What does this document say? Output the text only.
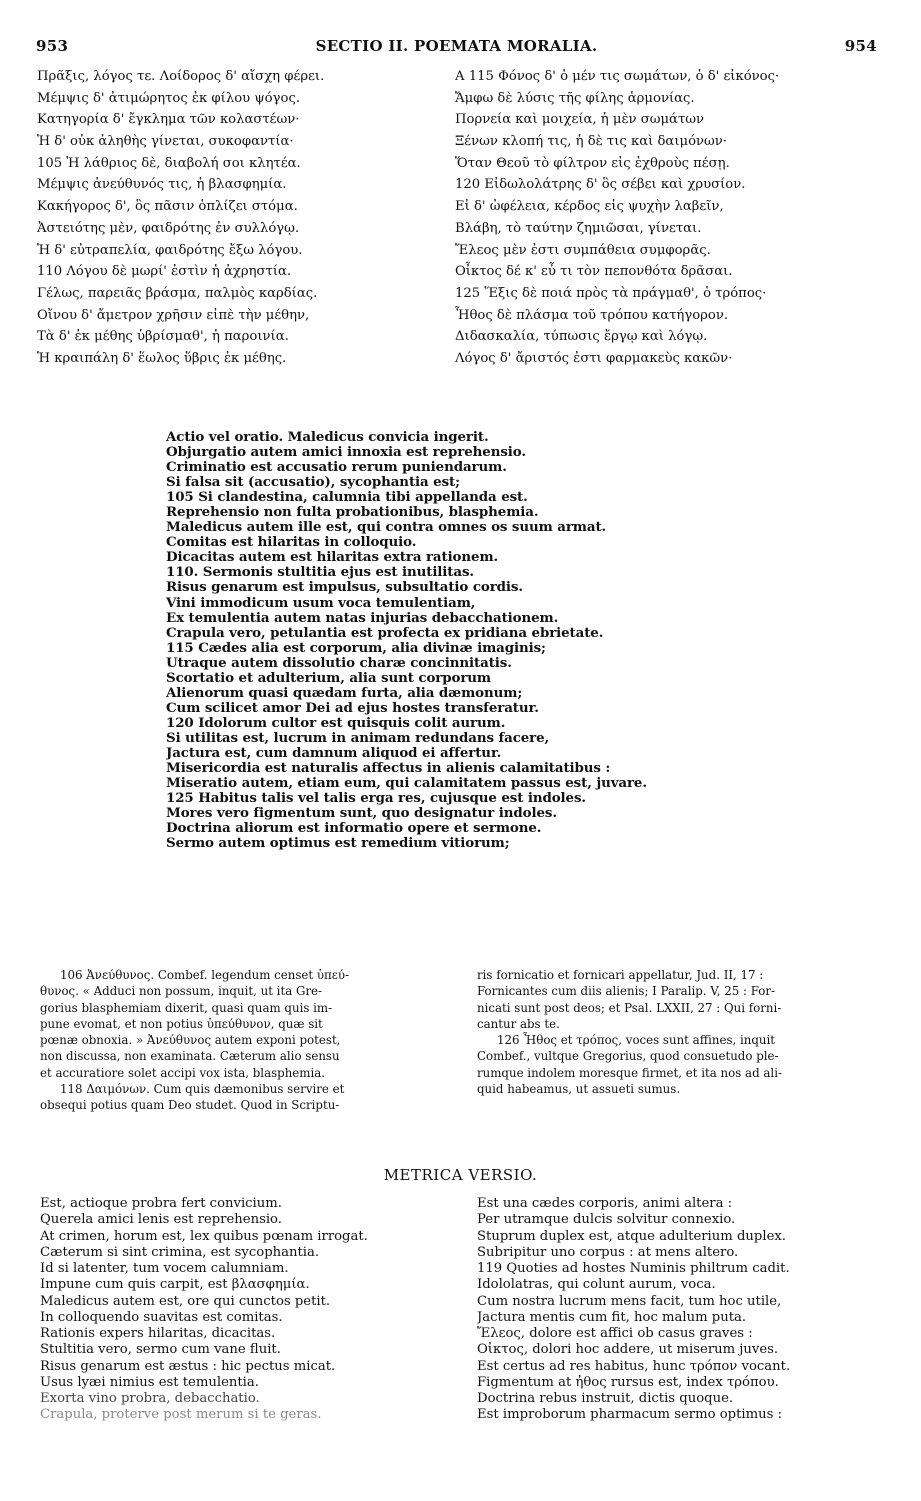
953	SECTIO II. POEMATA MORALIA.	954
Πρᾶξις, λόγος τε. Λοίδορος δ' αἴσχη φέρει.
Μέμψις δ' ἀτιμώρητος ἐκ φίλου ψόγος.
Κατηγορία δ' ἔγκλημα τῶν κολαστέων·
Ἡ δ' οὐκ ἀληθὴς γίνεται, συκοφαντία·
105 Ἡ λάθριος δὲ, διαβολή σοι κλητέα.
Μέμψις ἀνεύθυνός τις, ἡ βλασφημία.
Κακήγορος δ', ὃς πᾶσιν ὁπλίζει στόμα.
Ἀστειότης μὲν, φαιδρότης ἐν συλλόγῳ.
Ἡ δ' εὐτραπελία, φαιδρότης ἔξω λόγου.
110 Λόγου δὲ μωρί' ἐστὶν ἡ ἀχρηστία.
Γέλως, παρειᾶς βράσμα, παλμὸς καρδίας.
Οἴνου δ' ἄμετρον χρῆσιν εἰπὲ τὴν μέθην,
Τὰ δ' ἐκ μέθης ὑβρίσμαθ', ἡ παροινία.
Ἡ κραιπάλη δ' ἕωλος ὕβρις ἐκ μέθης.
A 115 Φόνος δ' ὁ μέν τις σωμάτων, ὁ δ' εἰκόνος·
Ἄμφω δὲ λύσις τῆς φίλης ἁρμονίας.
Πορνεία καὶ μοιχεία, ἡ μὲν σωμάτων
Ξένων κλοπή τις, ἡ δὲ τις καὶ δαιμόνων·
Ὅταν Θεοῦ τὸ φίλτρον εἰς ἐχθροὺς πέσῃ.
120 Εἰδωλολάτρης δ' ὃς σέβει καὶ χρυσίον.
Εἰ δ' ὠφέλεια, κέρδος εἰς ψυχὴν λαβεῖν,
Βλάβη, τὸ ταύτην ζημιῶσαι, γίνεται.
Ἔλεος μὲν ἐστι συμπάθεια συμφορᾶς.
Οἶκτος δέ κ' εὖ τι τὸν πεπονθότα δρᾶσαι.
125 Ἕξις δὲ ποιά πρὸς τὰ πράγμαθ', ὁ τρόπος·
Ἦθος δὲ πλάσμα τοῦ τρόπου κατήγορον.
Διδασκαλία, τύπωσις ἔργῳ καὶ λόγῳ.
Λόγος δ' ἄριστός ἐστι φαρμακεὺς κακῶν·
Actio vel oratio. Maledicus convicia ingerit.
Objurgatio autem amici innoxia est reprehensio.
Criminatio est accusatio rerum puniendarum.
Si falsa sit (accusatio), sycophantia est;
105 Si clandestina, calumnia tibi appellanda est.
Reprehensio non fulta probationibus, blasphemia.
Maledicus autem ille est, qui contra omnes os suum armat.
Comitas est hilaritas in colloquio.
Dicacitas autem est hilaritas extra rationem.
110. Sermonis stultitia ejus est inutilitas.
Risus genarum est impulsus, subsultatio cordis.
Vini immodicum usum voca temulentiam,
Ex temulentia autem natas injurias debacchationem.
Crapula vero, petulantia est profecta ex pridiana ebrietate.
115 Cædes alia est corporum, alia divinæ imaginis;
Utraque autem dissolutio charæ concinnitatis.
Scortatio et adulterium, alia sunt corporum
Alienorum quasi quædam furta, alia dæmonum;
Cum scilicet amor Dei ad ejus hostes transferatur.
120 Idolorum cultor est quisquis colit aurum.
Si utilitas est, lucrum in animam redundans facere,
Jactura est, cum damnum aliquod ei affertur.
Misericordia est naturalis affectus in alienis calamitatibus :
Miseratio autem, etiam eum, qui calamitatem passus est, juvare.
125 Habitus talis vel talis erga res, cujusque est indoles.
Mores vero figmentum sunt, quo designatur indoles.
Doctrina aliorum est informatio opere et sermone.
Sermo autem optimus est remedium vitiorum;
106 Ἀνεύθυνος. Combef. legendum censet ὑπεύ-
θυνος. « Adduci non possum, inquit, ut ita Gre-
gorius blasphemiam dixerit, quasi quam quis im-
pune evomat, et non potius ὑπεύθυνον, quæ sit
pœnæ obnoxia. » Ἀνεύθυνος autem exponi potest,
non discussa, non examinata. Cæterum alio sensu
et accuratiore solet accipi vox ista, blasphemia.
118 Δαιμόνων. Cum quis dæmonibus servire et
obsequi potius quam Deo studet. Quod in Scriptu-
ris fornicatio et fornicari appellatur, Jud. II, 17 :
Fornicantes cum diis alienis; I Paralip. V, 25 : For-
nicati sunt post deos; et Psal. LXXII, 27 : Qui forni-
cantur abs te.
126 Ἦθος et τρόπος, voces sunt affines, inquit
Combef., vultque Gregorius, quod consuetudo ple-
rumque indolem moresque firmet, et ita nos ad ali-
quid habeamus, ut assueti sumus.
METRICA VERSIO.
Est, actioque probra fert convicium.
Querela amici lenis est reprehensio.
At crimen, horum est, lex quibus pœnam irrogat.
Cæterum si sint crimina, est sycophantia.
Id si latenter, tum vocem calumniam.
Impune cum quis carpit, est βλασφημία.
Maledicus autem est, ore qui cunctos petit.
In colloquendo suavitas est comitas.
Rationis expers hilaritas, dicacitas.
Stultitia vero, sermo cum vane fluit.
Risus genarum est æstus : hic pectus micat.
Usus lyæi nimius est temulentia.
Exorta vino probra, debacchatio.
Crapula, proterve post merum si te geras.
Est una cædes corporis, animi altera :
Per utramque dulcis solvitur connexio.
Stuprum duplex est, atque adulterium duplex.
Subripitur uno corpus : at mens altero.
119 Quoties ad hostes Numinis philtrum cadit.
Idololatras, qui colunt aurum, voca.
Cum nostra lucrum mens facit, tum hoc utile,
Jactura mentis cum fit, hoc malum puta.
Ἔλεος, dolore est affici ob casus graves :
Οἶκτος, dolori hoc addere, ut miserum juves.
Est certus ad res habitus, hunc τρόπον vocant.
Figmentum at ἦθος rursus est, index τρόπου.
Doctrina rebus instruit, dictis quoque.
Est improborum pharmacum sermo optimus :
